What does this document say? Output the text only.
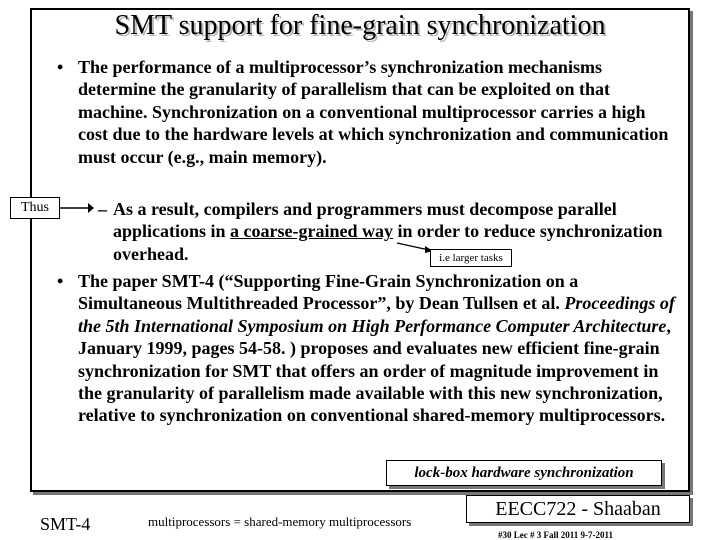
SMT support for fine-grain synchronization
• The performance of a multiprocessor’s synchronization mechanisms determine the granularity of parallelism that can be exploited on that machine. Synchronization on a conventional multiprocessor carries a high cost due to the hardware levels at which synchronization and communication must occur (e.g., main memory).

Thus	– As a result, compilers and programmers must decompose parallel applications in a coarse-grained way in order to reduce synchronization overhead.	i.e larger tasks
• The paper SMT-4 (“Supporting Fine-Grain Synchronization on a Simultaneous Multithreaded Processor”, by Dean Tullsen et al. Proceedings of the 5th International Symposium on High Performance Computer Architecture, January 1999, pages 54-58. ) proposes and evaluates new efficient fine-grain synchronization for SMT that offers an order of magnitude improvement in the granularity of parallelism made available with this new synchronization, relative to synchronization on conventional shared-memory multiprocessors.

lock-box hardware synchronization
SMT-4	multiprocessors = shared-memory multiprocessors
EECC722 - Shaaban
#30 Lec # 3 Fall 2011 9-7-2011
